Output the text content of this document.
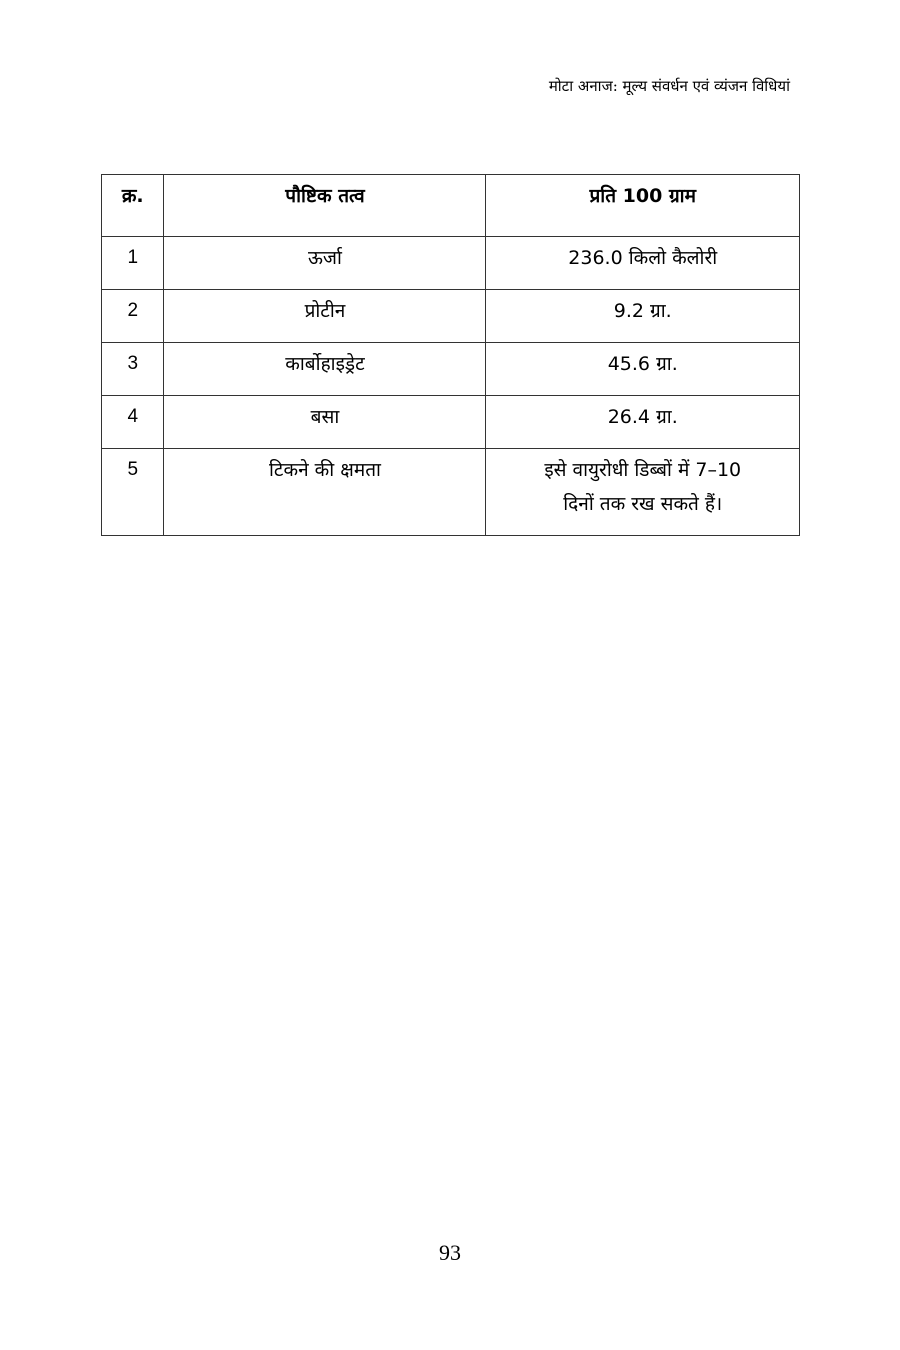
मोटा अनाज: मूल्य संवर्धन एवं व्यंजन विधियां
क्र.	पौष्टिक तत्व	प्रति 100 ग्राम
1	ऊर्जा	236.0 किलो कैलोरी
2	प्रोटीन	9.2 ग्रा.
3	कार्बोहाइड्रेट	45.6 ग्रा.
4	बसा	26.4 ग्रा.
5	टिकने की क्षमता	इसे वायुरोधी डिब्बों में 7–10
दिनों तक रख सकते हैं।
93
